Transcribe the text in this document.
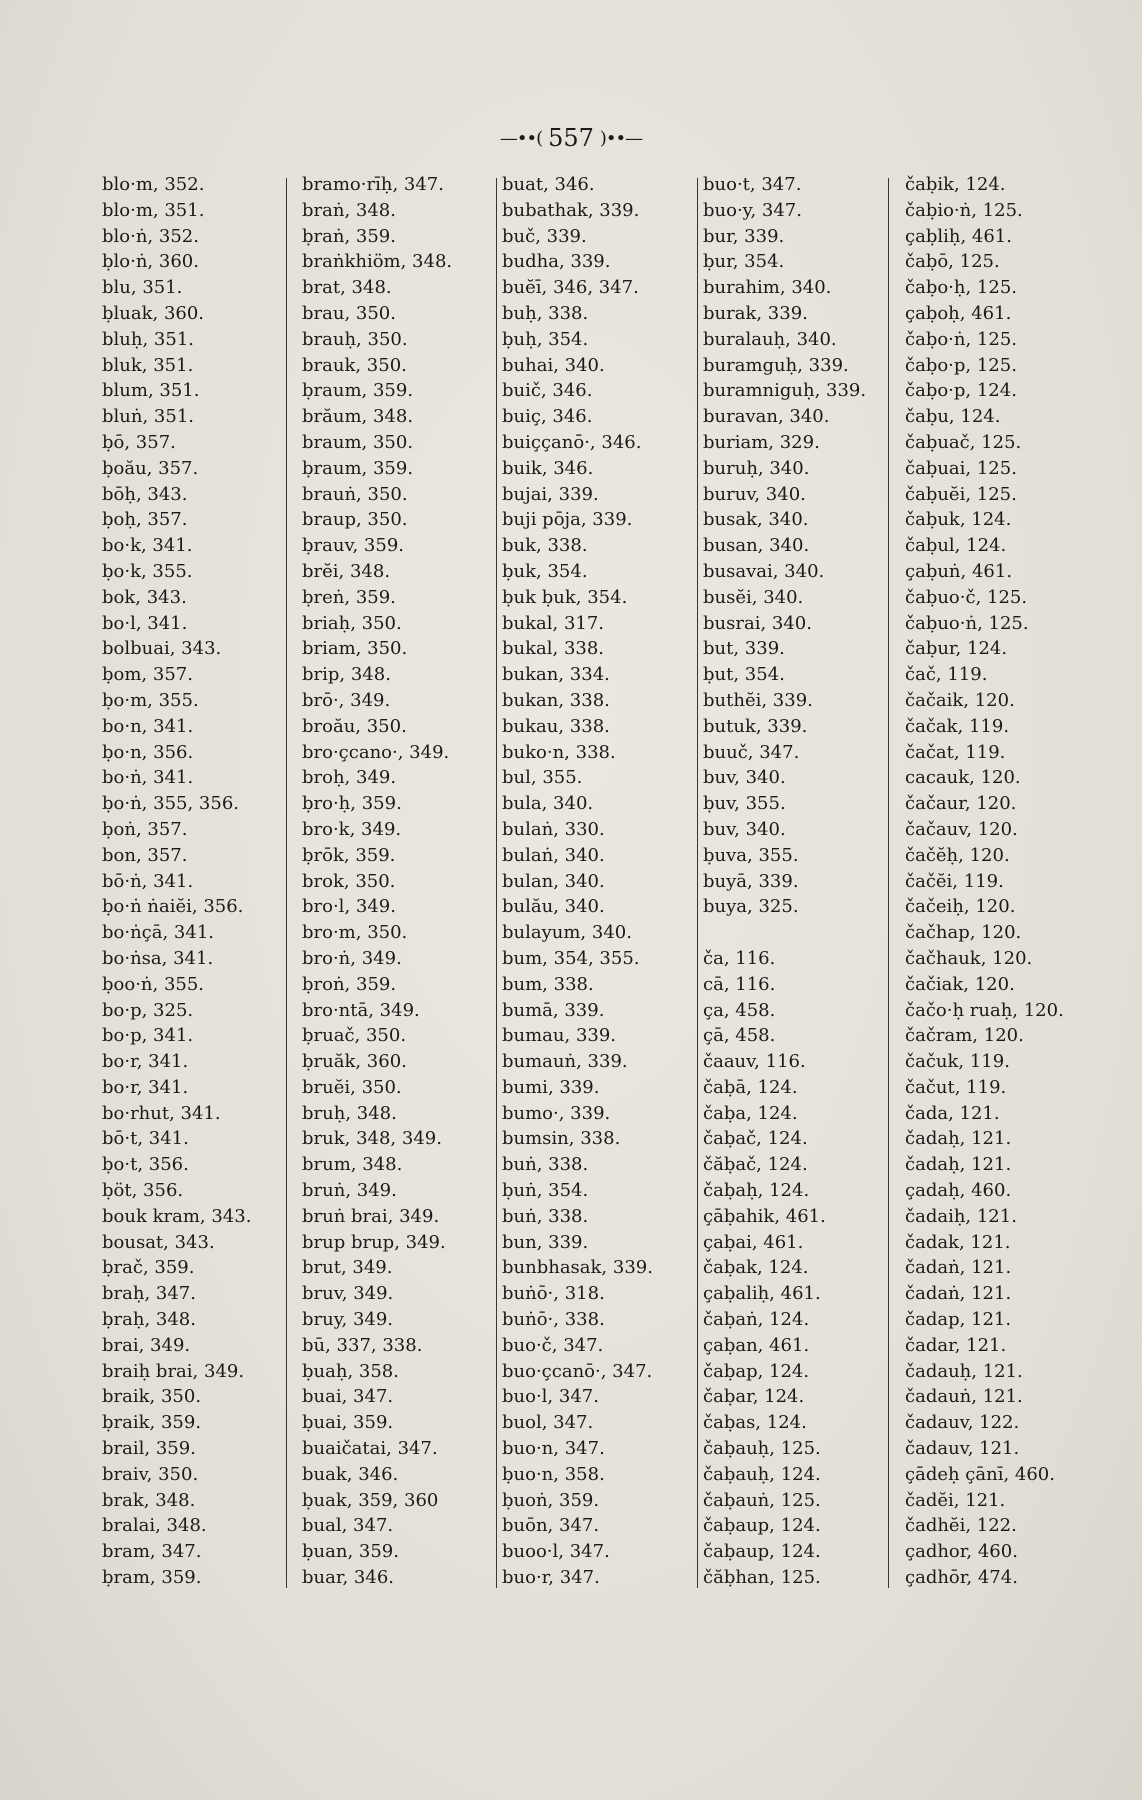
—••( 557 )••—
blo·m, 352.
blo·m, 351.
blo·ṅ, 352.
ḅlo·ṅ, 360.
blu, 351.
ḅluak, 360.
bluḥ, 351.
bluk, 351.
blum, 351.
bluṅ, 351.
ḅō, 357.
ḅoău, 357.
bōḥ, 343.
ḅoḥ, 357.
bo·k, 341.
ḅo·k, 355.
bok, 343.
bo·l, 341.
bolbuai, 343.
ḅom, 357.
ḅo·m, 355.
bo·n, 341.
ḅo·n, 356.
bo·ṅ, 341.
ḅo·ṅ, 355, 356.
ḅoṅ, 357.
bon, 357.
bō·ṅ, 341.
ḅo·ṅ ṅaiĕi, 356.
bo·ṅçā, 341.
bo·ṅsa, 341.
ḅoo·ṅ, 355.
bo·p, 325.
bo·p, 341.
bo·r, 341.
bo·r, 341.
bo·rhut, 341.
bō·t, 341.
ḅo·t, 356.
ḅöt, 356.
bouk kram, 343.
bousat, 343.
ḅrač, 359.
braḥ, 347.
ḅraḥ, 348.
brai, 349.
braiḥ brai, 349.
braik, 350.
ḅraik, 359.
brail, 359.
braiv, 350.
brak, 348.
bralai, 348.
bram, 347.
ḅram, 359.
bramo·rīḥ, 347.
braṅ, 348.
ḅraṅ, 359.
braṅkhiöm, 348.
brat, 348.
brau, 350.
brauḥ, 350.
brauk, 350.
ḅraum, 359.
brăum, 348.
braum, 350.
ḅraum, 359.
brauṅ, 350.
braup, 350.
ḅrauv, 359.
brĕi, 348.
ḅreṅ, 359.
briaḥ, 350.
briam, 350.
brip, 348.
brō·, 349.
broău, 350.
bro·çcano·, 349.
broḥ, 349.
ḅro·ḥ, 359.
bro·k, 349.
ḅrōk, 359.
brok, 350.
bro·l, 349.
bro·m, 350.
bro·ṅ, 349.
ḅroṅ, 359.
bro·ntā, 349.
ḅruač, 350.
ḅruăk, 360.
bruĕi, 350.
bruḥ, 348.
bruk, 348, 349.
brum, 348.
bruṅ, 349.
bruṅ brai, 349.
brup brup, 349.
brut, 349.
bruv, 349.
bruy, 349.
bū, 337, 338.
ḅuaḥ, 358.
buai, 347.
ḅuai, 359.
buaičatai, 347.
buak, 346.
ḅuak, 359, 360
bual, 347.
ḅuan, 359.
buar, 346.
buat, 346.
bubathak, 339.
buč, 339.
budha, 339.
buĕī, 346, 347.
buḥ, 338.
ḅuḥ, 354.
buhai, 340.
buič, 346.
buiç, 346.
buiççanō·, 346.
buik, 346.
bujai, 339.
buji pōja, 339.
buk, 338.
ḅuk, 354.
ḅuk ḅuk, 354.
bukal, 317.
bukal, 338.
bukan, 334.
bukan, 338.
bukau, 338.
buko·n, 338.
bul, 355.
bula, 340.
bulaṅ, 330.
bulaṅ, 340.
bulan, 340.
bulău, 340.
bulayum, 340.
bum, 354, 355.
bum, 338.
bumā, 339.
bumau, 339.
bumauṅ, 339.
bumi, 339.
bumo·, 339.
bumsin, 338.
buṅ, 338.
ḅuṅ, 354.
buṅ, 338.
bun, 339.
bunbhasak, 339.
buṅō·, 318.
buṅō·, 338.
buo·č, 347.
buo·çcanō·, 347.
buo·l, 347.
buol, 347.
buo·n, 347.
ḅuo·n, 358.
ḅuoṅ, 359.
buōn, 347.
buoo·l, 347.
buo·r, 347.
buo·t, 347.
buo·y, 347.
bur, 339.
ḅur, 354.
burahim, 340.
burak, 339.
buralauḥ, 340.
buramguḥ, 339.
buramniguḥ, 339.
buravan, 340.
buriam, 329.
buruḥ, 340.
buruv, 340.
busak, 340.
busan, 340.
busavai, 340.
busĕi, 340.
busrai, 340.
but, 339.
ḅut, 354.
buthĕi, 339.
butuk, 339.
buuč, 347.
buv, 340.
ḅuv, 355.
buv, 340.
ḅuva, 355.
buyā, 339.
buya, 325.
ča, 116.
cā, 116.
ça, 458.
çā, 458.
čaauv, 116.
čaḅā, 124.
čaḅa, 124.
čaḅač, 124.
čăḅač, 124.
čaḅaḥ, 124.
çāḅahik, 461.
çaḅai, 461.
čaḅak, 124.
çaḅaliḥ, 461.
čaḅaṅ, 124.
çaḅan, 461.
čaḅap, 124.
čaḅar, 124.
čaḅas, 124.
čaḅauḥ, 125.
čaḅauḥ, 124.
čaḅauṅ, 125.
čaḅaup, 124.
čaḅaup, 124.
čăḅhan, 125.
čaḅik, 124.
čaḅio·ṅ, 125.
çaḅliḥ, 461.
čaḅō, 125.
čaḅo·ḥ, 125.
çaḅoḥ, 461.
čaḅo·ṅ, 125.
čaḅo·p, 125.
čaḅo·p, 124.
čaḅu, 124.
čaḅuač, 125.
čaḅuai, 125.
čaḅuĕi, 125.
čaḅuk, 124.
čaḅul, 124.
çaḅuṅ, 461.
čaḅuo·č, 125.
čaḅuo·ṅ, 125.
čaḅur, 124.
čač, 119.
čačaik, 120.
čačak, 119.
čačat, 119.
cacauk, 120.
čačaur, 120.
čačauv, 120.
čačĕḥ, 120.
čačĕi, 119.
čačeiḥ, 120.
čačhap, 120.
čačhauk, 120.
čačiak, 120.
čačo·ḥ ruaḥ, 120.
čačram, 120.
čačuk, 119.
čačut, 119.
čada, 121.
čadaḥ, 121.
čadaḥ, 121.
çadaḥ, 460.
čadaiḥ, 121.
čadak, 121.
čadaṅ, 121.
čadaṅ, 121.
čadap, 121.
čadar, 121.
čadauḥ, 121.
čadauṅ, 121.
čadauv, 122.
čadauv, 121.
çādeḥ çānī, 460.
čadĕi, 121.
čadhĕi, 122.
çadhor, 460.
çadhōr, 474.
